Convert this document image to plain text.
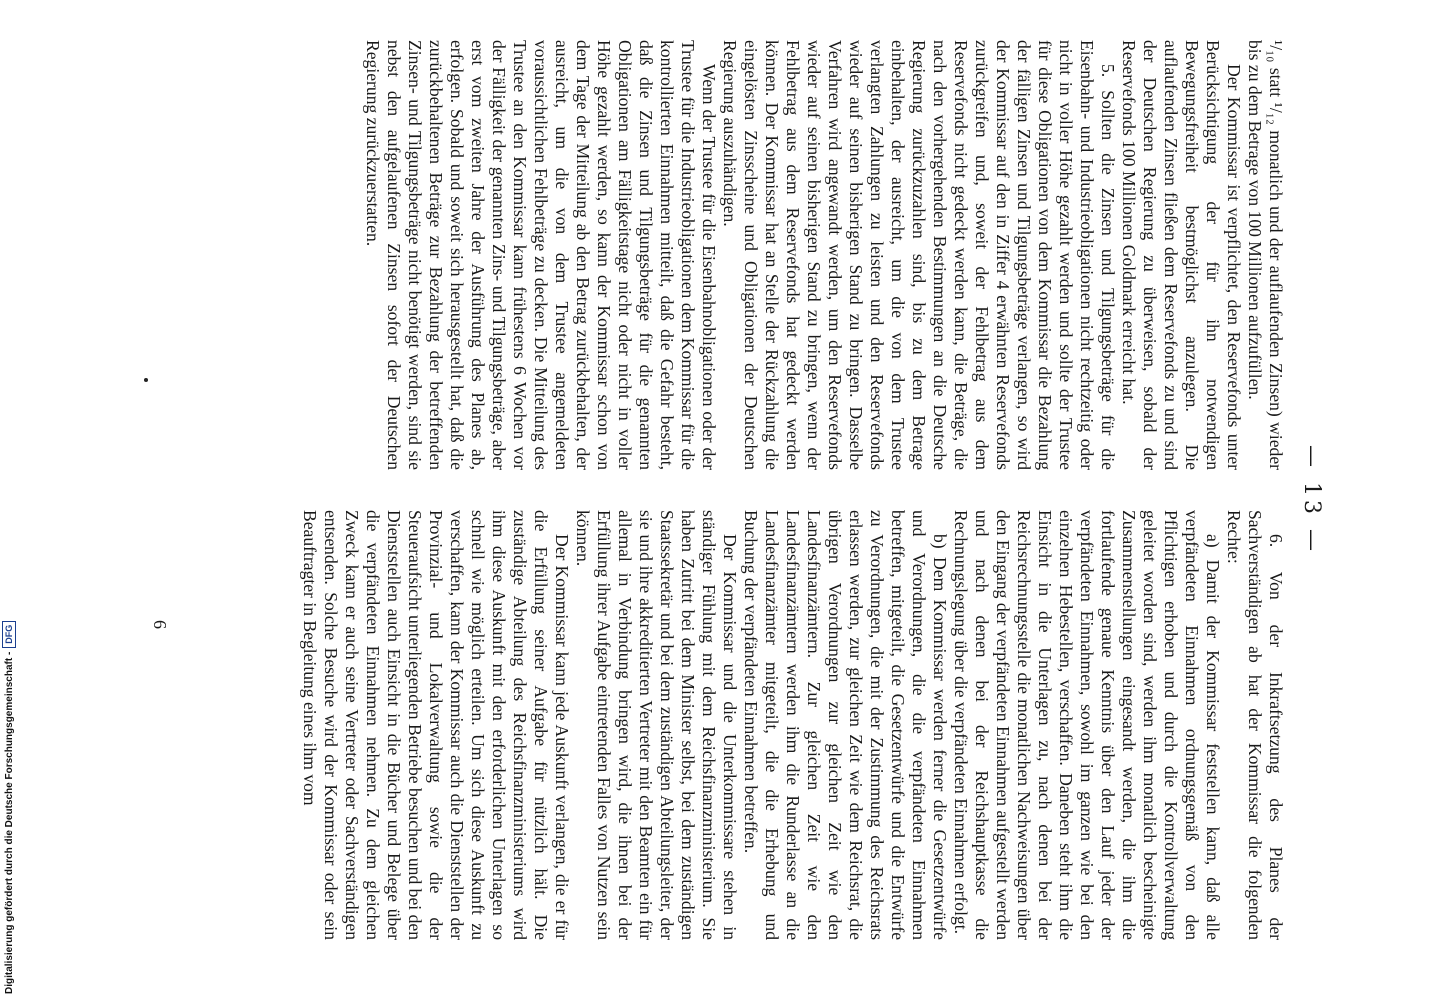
— 13 —

¹/₁₀ statt ¹/₁₂ monatlich und der auflaufenden Zinsen) wieder bis zu dem Betrage von 100 Millionen aufzufüllen.

Der Kommissar ist verpflichtet, den Reservefonds unter Berücksichtigung der für ihn notwendigen Bewegungsfreiheit bestmöglichst anzulegen. Die auflaufenden Zinsen fließen dem Reservefonds zu und sind der Deutschen Regierung zu überweisen, sobald der Reservefonds 100 Millionen Goldmark erreicht hat.

5. Sollten die Zinsen und Tilgungsbeträge für die Eisenbahn- und Industrieobligationen nicht rechtzeitig oder nicht in voller Höhe gezahlt werden und sollte der Trustee für diese Obligationen von dem Kommissar die Bezahlung der fälligen Zinsen und Tilgungsbeträge verlangen, so wird der Kommissar auf den in Ziffer 4 erwähnten Reservefonds zurückgreifen und, soweit der Fehlbetrag aus dem Reservefonds nicht gedeckt werden kann, die Beträge, die nach den vorhergehenden Bestimmungen an die Deutsche Regierung zurückzuzahlen sind, bis zu dem Betrage einbehalten, der ausreicht, um die von dem Trustee verlangten Zahlungen zu leisten und den Reservefonds wieder auf seinen bisherigen Stand zu bringen. Dasselbe Verfahren wird angewandt werden, um den Reservefonds wieder auf seinen bisherigen Stand zu bringen, wenn der Fehlbetrag aus dem Reservefonds hat gedeckt werden können. Der Kommissar hat an Stelle der Rückzahlung die eingelösten Zinsscheine und Obligationen der Deutschen Regierung auszuhändigen.

Wenn der Trustee für die Eisenbahnobligationen oder der Trustee für die Industrieobligationen dem Kommissar für die kontrollierten Einnahmen mitteilt, daß die Gefahr besteht, daß die Zinsen und Tilgungsbeträge für die genannten Obligationen am Fälligkeitstage nicht oder nicht in voller Höhe gezahlt werden, so kann der Kommissar schon von dem Tage der Mitteilung ab den Betrag zurückbehalten, der ausreicht, um die von dem Trustee angemeldeten voraussichtlichen Fehlbeträge zu decken. Die Mitteilung des Trustee an den Kommissar kann frühestens 6 Wochen vor der Fälligkeit der genannten Zins- und Tilgungsbeträge, aber erst vom zweiten Jahre der Ausführung des Planes ab, erfolgen. Sobald und soweit sich herausgestellt hat, daß die zurückbehaltenen Beträge zur Bezahlung der betreffenden Zinsen- und Tilgungsbeträge nicht benötigt werden, sind sie nebst den aufgelaufenen Zinsen sofort der Deutschen Regierung zurückzuerstatten.

6. Von der Inkraftsetzung des Planes der Sachverständigen ab hat der Kommissar die folgenden Rechte:

a) Damit der Kommissar feststellen kann, daß alle verpfändeten Einnahmen ordnungsgemäß von den Pflichtigen erhoben und durch die Kontrollverwaltung geleitet worden sind, werden ihm monatlich bescheinigte Zusammenstellungen eingesandt werden, die ihm die fortlaufende genaue Kenntnis über den Lauf jeder der verpfändeten Einnahmen, sowohl im ganzen wie bei den einzelnen Hebestellen, verschaffen. Daneben steht ihm die Einsicht in die Unterlagen zu, nach denen bei der Reichsrechnungsstelle die monatlichen Nachweisungen über den Eingang der verpfändeten Einnahmen aufgestellt werden und nach denen bei der Reichshauptkasse die Rechnungslegung über die verpfändeten Einnahmen erfolgt.

b) Dem Kommissar werden ferner die Gesetzentwürfe und Verordnungen, die die verpfändeten Einnahmen betreffen, mitgeteilt, die Gesetzentwürfe und die Entwürfe zu Verordnungen, die mit der Zustimmung des Reichsrats erlassen werden, zur gleichen Zeit wie dem Reichsrat, die übrigen Verordnungen zur gleichen Zeit wie den Landesfinanzämtern. Zur gleichen Zeit wie den Landesfinanzämtern werden ihm die Runderlasse an die Landesfinanzämter mitgeteilt, die die Erhebung und Buchung der verpfändeten Einnahmen betreffen.

Der Kommissar und die Unterkommissare stehen in ständiger Fühlung mit dem Reichsfinanzministerium. Sie haben Zutritt bei dem Minister selbst, bei dem zuständigen Staatssekretär und bei dem zuständigen Abteilungsleiter, der sie und ihre akkreditierten Vertreter mit den Beamten ein für allemal in Verbindung bringen wird, die ihnen bei der Erfüllung ihrer Aufgabe eintretenden Falles von Nutzen sein können.

Der Kommissar kann jede Auskunft verlangen, die er für die Erfüllung seiner Aufgabe für nützlich hält. Die zuständige Abteilung des Reichsfinanzministeriums wird ihm diese Auskunft mit den erforderlichen Unterlagen so schnell wie möglich erteilen. Um sich diese Auskunft zu verschaffen, kann der Kommissar auch die Dienststellen der Provinzial- und Lokalverwaltung sowie die der Steueraufsicht unterliegenden Betriebe besuchen und bei den Dienststellen auch Einsicht in die Bücher und Belege über die verpfändeten Einnahmen nehmen. Zu dem gleichen Zweck kann er auch seine Vertreter oder Sachverständigen entsenden. Solche Besuche wird der Kommissar oder sein Beauftragter in Begleitung eines ihm vom

6
Digitalisierung gefördert durch die Deutsche Forschungsgemeinschaft -
DFG
